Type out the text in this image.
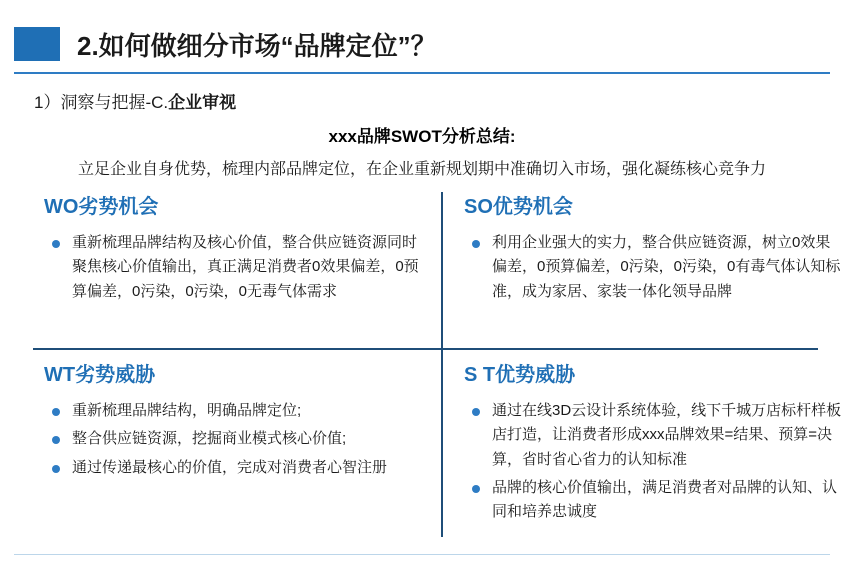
2.如何做细分市场“品牌定位”？
1）洞察与把握-C.企业审视
xxx品牌SWOT分析总结:
立足企业自身优势，梳理内部品牌定位，在企业重新规划期中准确切入市场，强化凝练核心竞争力
WO劣势机会
重新梳理品牌结构及核心价值，整合供应链资源同时聚焦核心价值输出，真正满足消费者0效果偏差，0预算偏差，0污染，0污染，0无毒气体需求
SO优势机会
利用企业强大的实力，整合供应链资源，树立0效果偏差，0预算偏差，0污染，0污染，0有毒气体认知标准，成为家居、家装一体化领导品牌
WT劣势威胁
重新梳理品牌结构，明确品牌定位;
整合供应链资源，挖掘商业模式核心价值;
通过传递最核心的价值，完成对消费者心智注册
S T优势威胁
通过在线3D云设计系统体验，线下千城万店标杆样板店打造，让消费者形成xxx品牌效果=结果、预算=决算，省时省心省力的认知标准
品牌的核心价值输出，满足消费者对品牌的认知、认同和培养忠诚度
